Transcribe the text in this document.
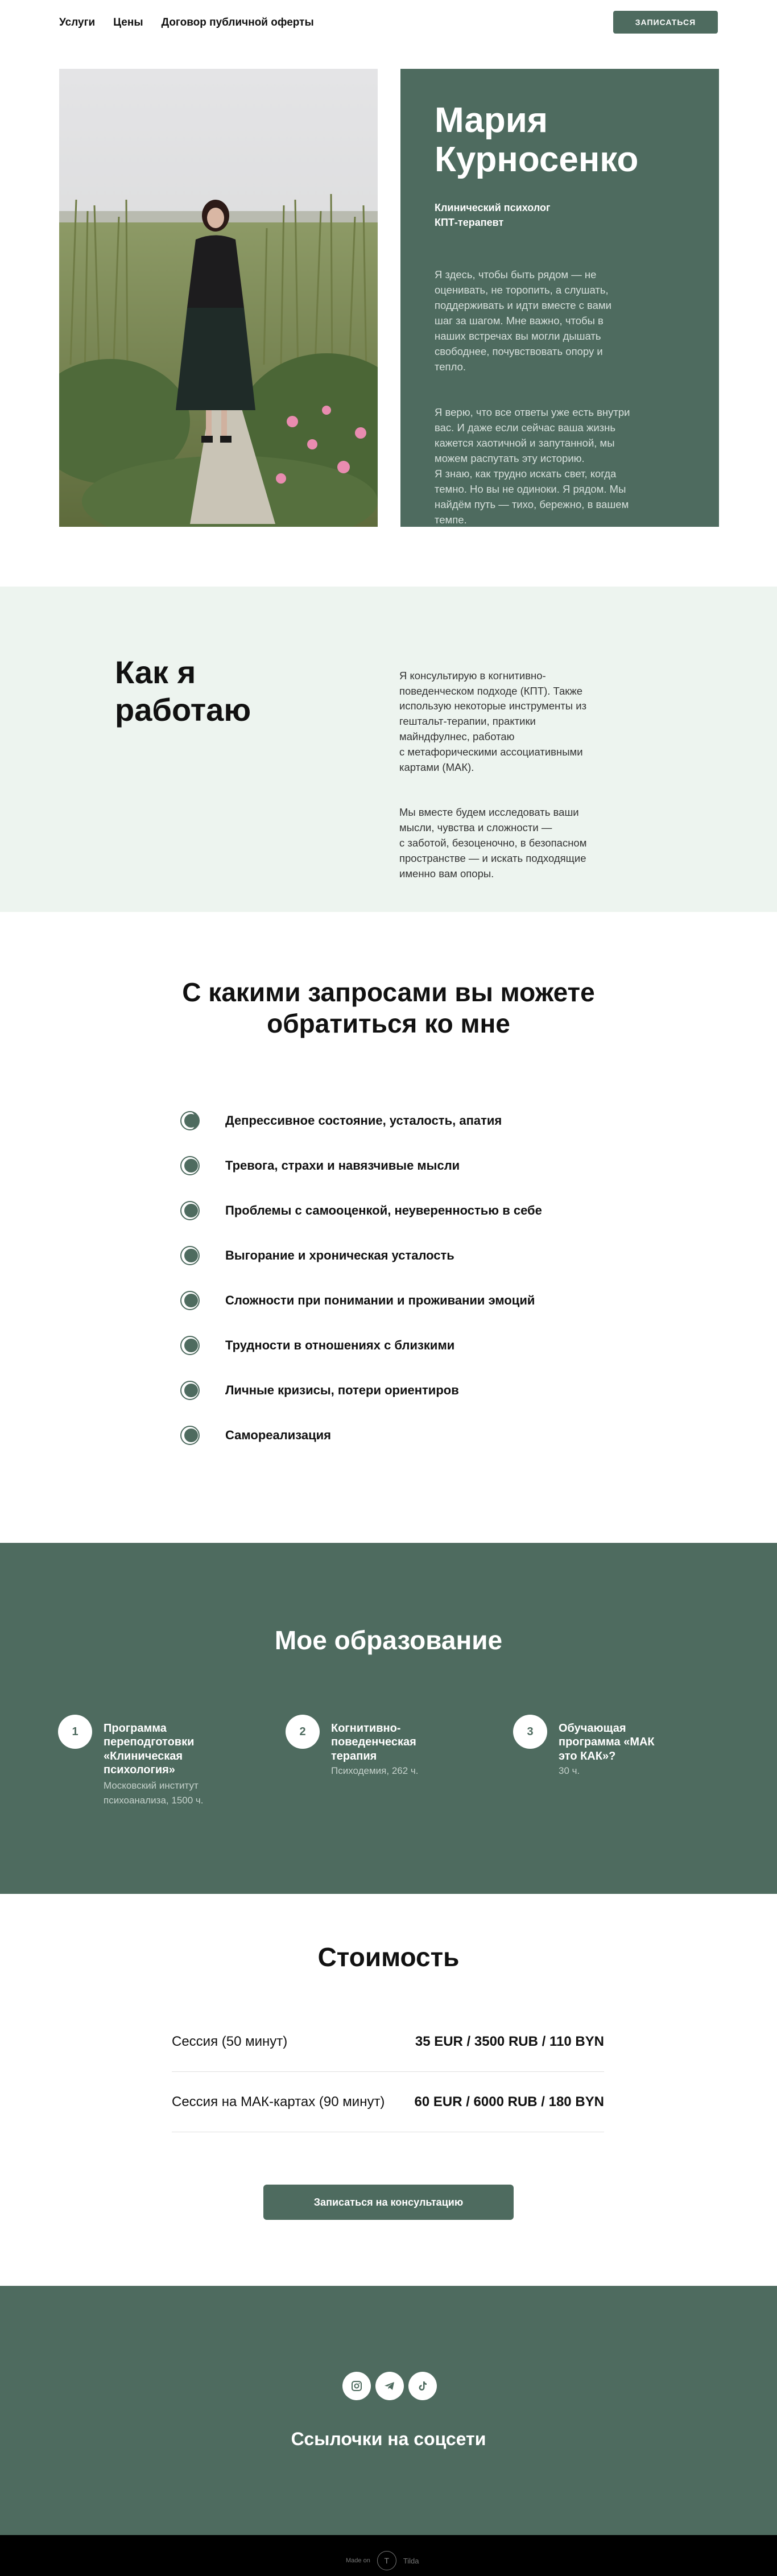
Услуги Цены Договор публичной оферты	ЗАПИСАТЬСЯ
Мария
Курносенко
Клинический психолог
КПТ-терапевт

Я здесь, чтобы быть рядом — не
оценивать, не торопить, а слушать,
поддерживать и идти вместе с вами
шаг за шагом. Мне важно, чтобы в
наших встречах вы могли дышать
свободнее, почувствовать опору и
тепло.

Я верю, что все ответы уже есть внутри
вас. И даже если сейчас ваша жизнь
кажется хаотичной и запутанной, мы
можем распутать эту историю.
Я знаю, как трудно искать свет, когда
темно. Но вы не одиноки. Я рядом. Мы
найдём путь — тихо, бережно, в вашем
темпе.

Как я
работаю

Я консультирую в когнитивно-
поведенческом подходе (КПТ). Также
использую некоторые инструменты из
гештальт-терапии, практики
майндфулнес, работаю
с метафорическими ассоциативными
картами (МАК).

Мы вместе будем исследовать ваши
мысли, чувства и сложности —
с заботой, безоценочно, в безопасном
пространстве — и искать подходящие
именно вам опоры.

С какими запросами вы можете
обратиться ко мне
Депрессивное состояние, усталость, апатия
Тревога, страхи и навязчивые мысли
Проблемы с самооценкой, неуверенностью в себе
Выгорание и хроническая усталость
Сложности при понимании и проживании эмоций
Трудности в отношениях с близкими
Личные кризисы, потери ориентиров
Самореализация
Мое образование
1	Программа переподготовки «Клиническая психология»
Московский институт психоанализа, 1500 ч.
2	Когнитивно-поведенческая терапия
Психодемия, 262 ч.
3	Обучающая программа «МАК это КАК»?
30 ч.
Стоимость
Сессия (50 минут)	35 EUR / 3500 RUB / 110 BYN
Сессия на МАК-картах (90 минут) 60 EUR / 6000 RUB / 180 BYN
Записаться на консультацию
Ссылочки на соцсети
Made on	T	Tilda
